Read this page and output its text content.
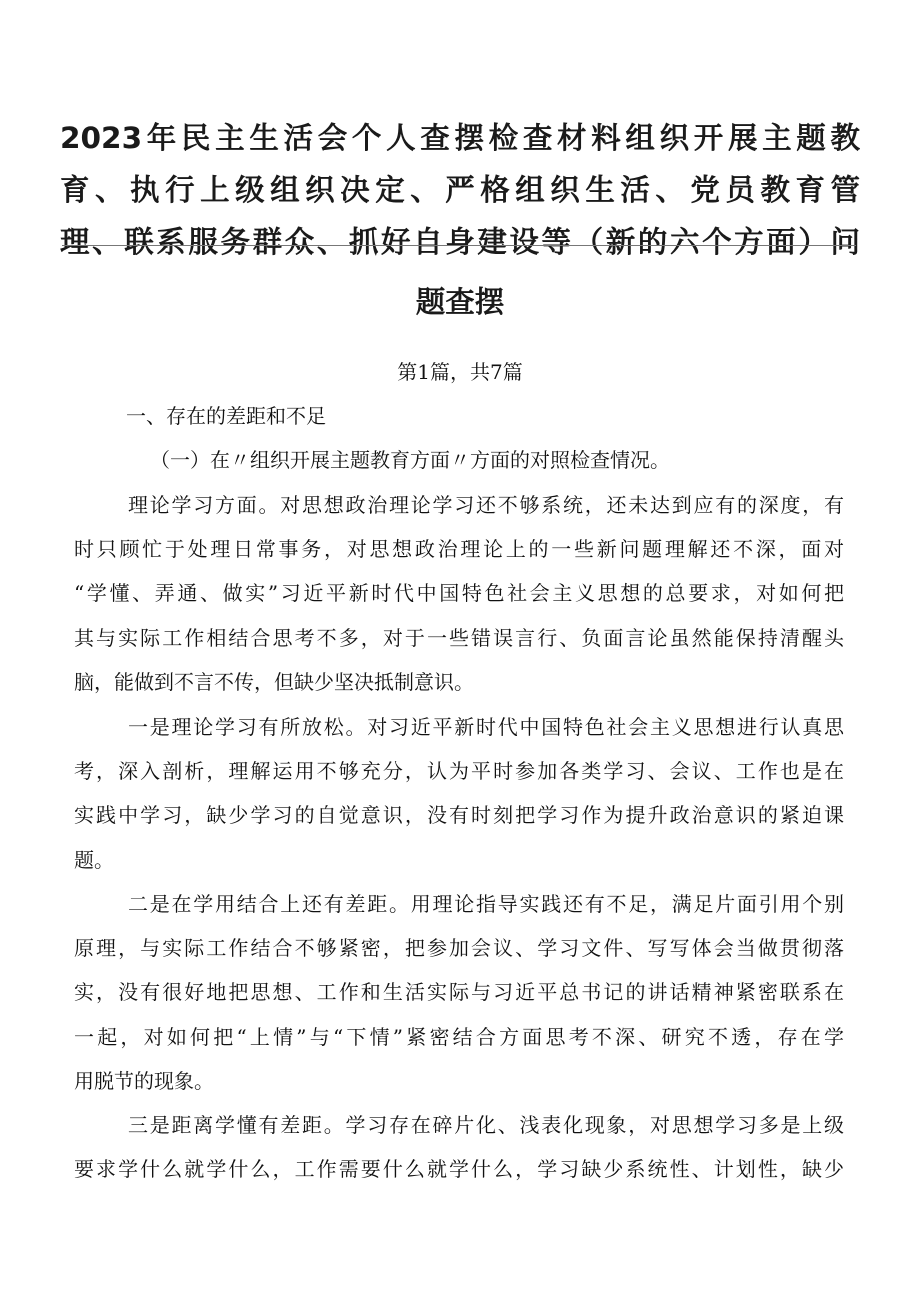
2023年民主生活会个人查摆检查材料组织开展主题教
育、执行上级组织决定、严格组织生活、党员教育管
理、联系服务群众、抓好自身建设等（新的六个方面）问
题查摆
第1篇，共7篇
一、存在的差距和不足
（一）在〃组织开展主题教育方面〃方面的对照检查情况。
理论学习方面。对思想政治理论学习还不够系统，还未达到应有的深度，有
时只顾忙于处理日常事务，对思想政治理论上的一些新问题理解还不深，面对
“学懂、弄通、做实”习近平新时代中国特色社会主义思想的总要求，对如何把
其与实际工作相结合思考不多，对于一些错误言行、负面言论虽然能保持清醒头
脑，能做到不言不传，但缺少坚决抵制意识。
一是理论学习有所放松。对习近平新时代中国特色社会主义思想进行认真思
考，深入剖析，理解运用不够充分，认为平时参加各类学习、会议、工作也是在
实践中学习，缺少学习的自觉意识，没有时刻把学习作为提升政治意识的紧迫课
题。
二是在学用结合上还有差距。用理论指导实践还有不足，满足片面引用个别
原理，与实际工作结合不够紧密，把参加会议、学习文件、写写体会当做贯彻落
实，没有很好地把思想、工作和生活实际与习近平总书记的讲话精神紧密联系在
一起，对如何把“上情”与“下情”紧密结合方面思考不深、研究不透，存在学
用脱节的现象。
三是距离学懂有差距。学习存在碎片化、浅表化现象，对思想学习多是上级
要求学什么就学什么，工作需要什么就学什么，学习缺少系统性、计划性，缺少
